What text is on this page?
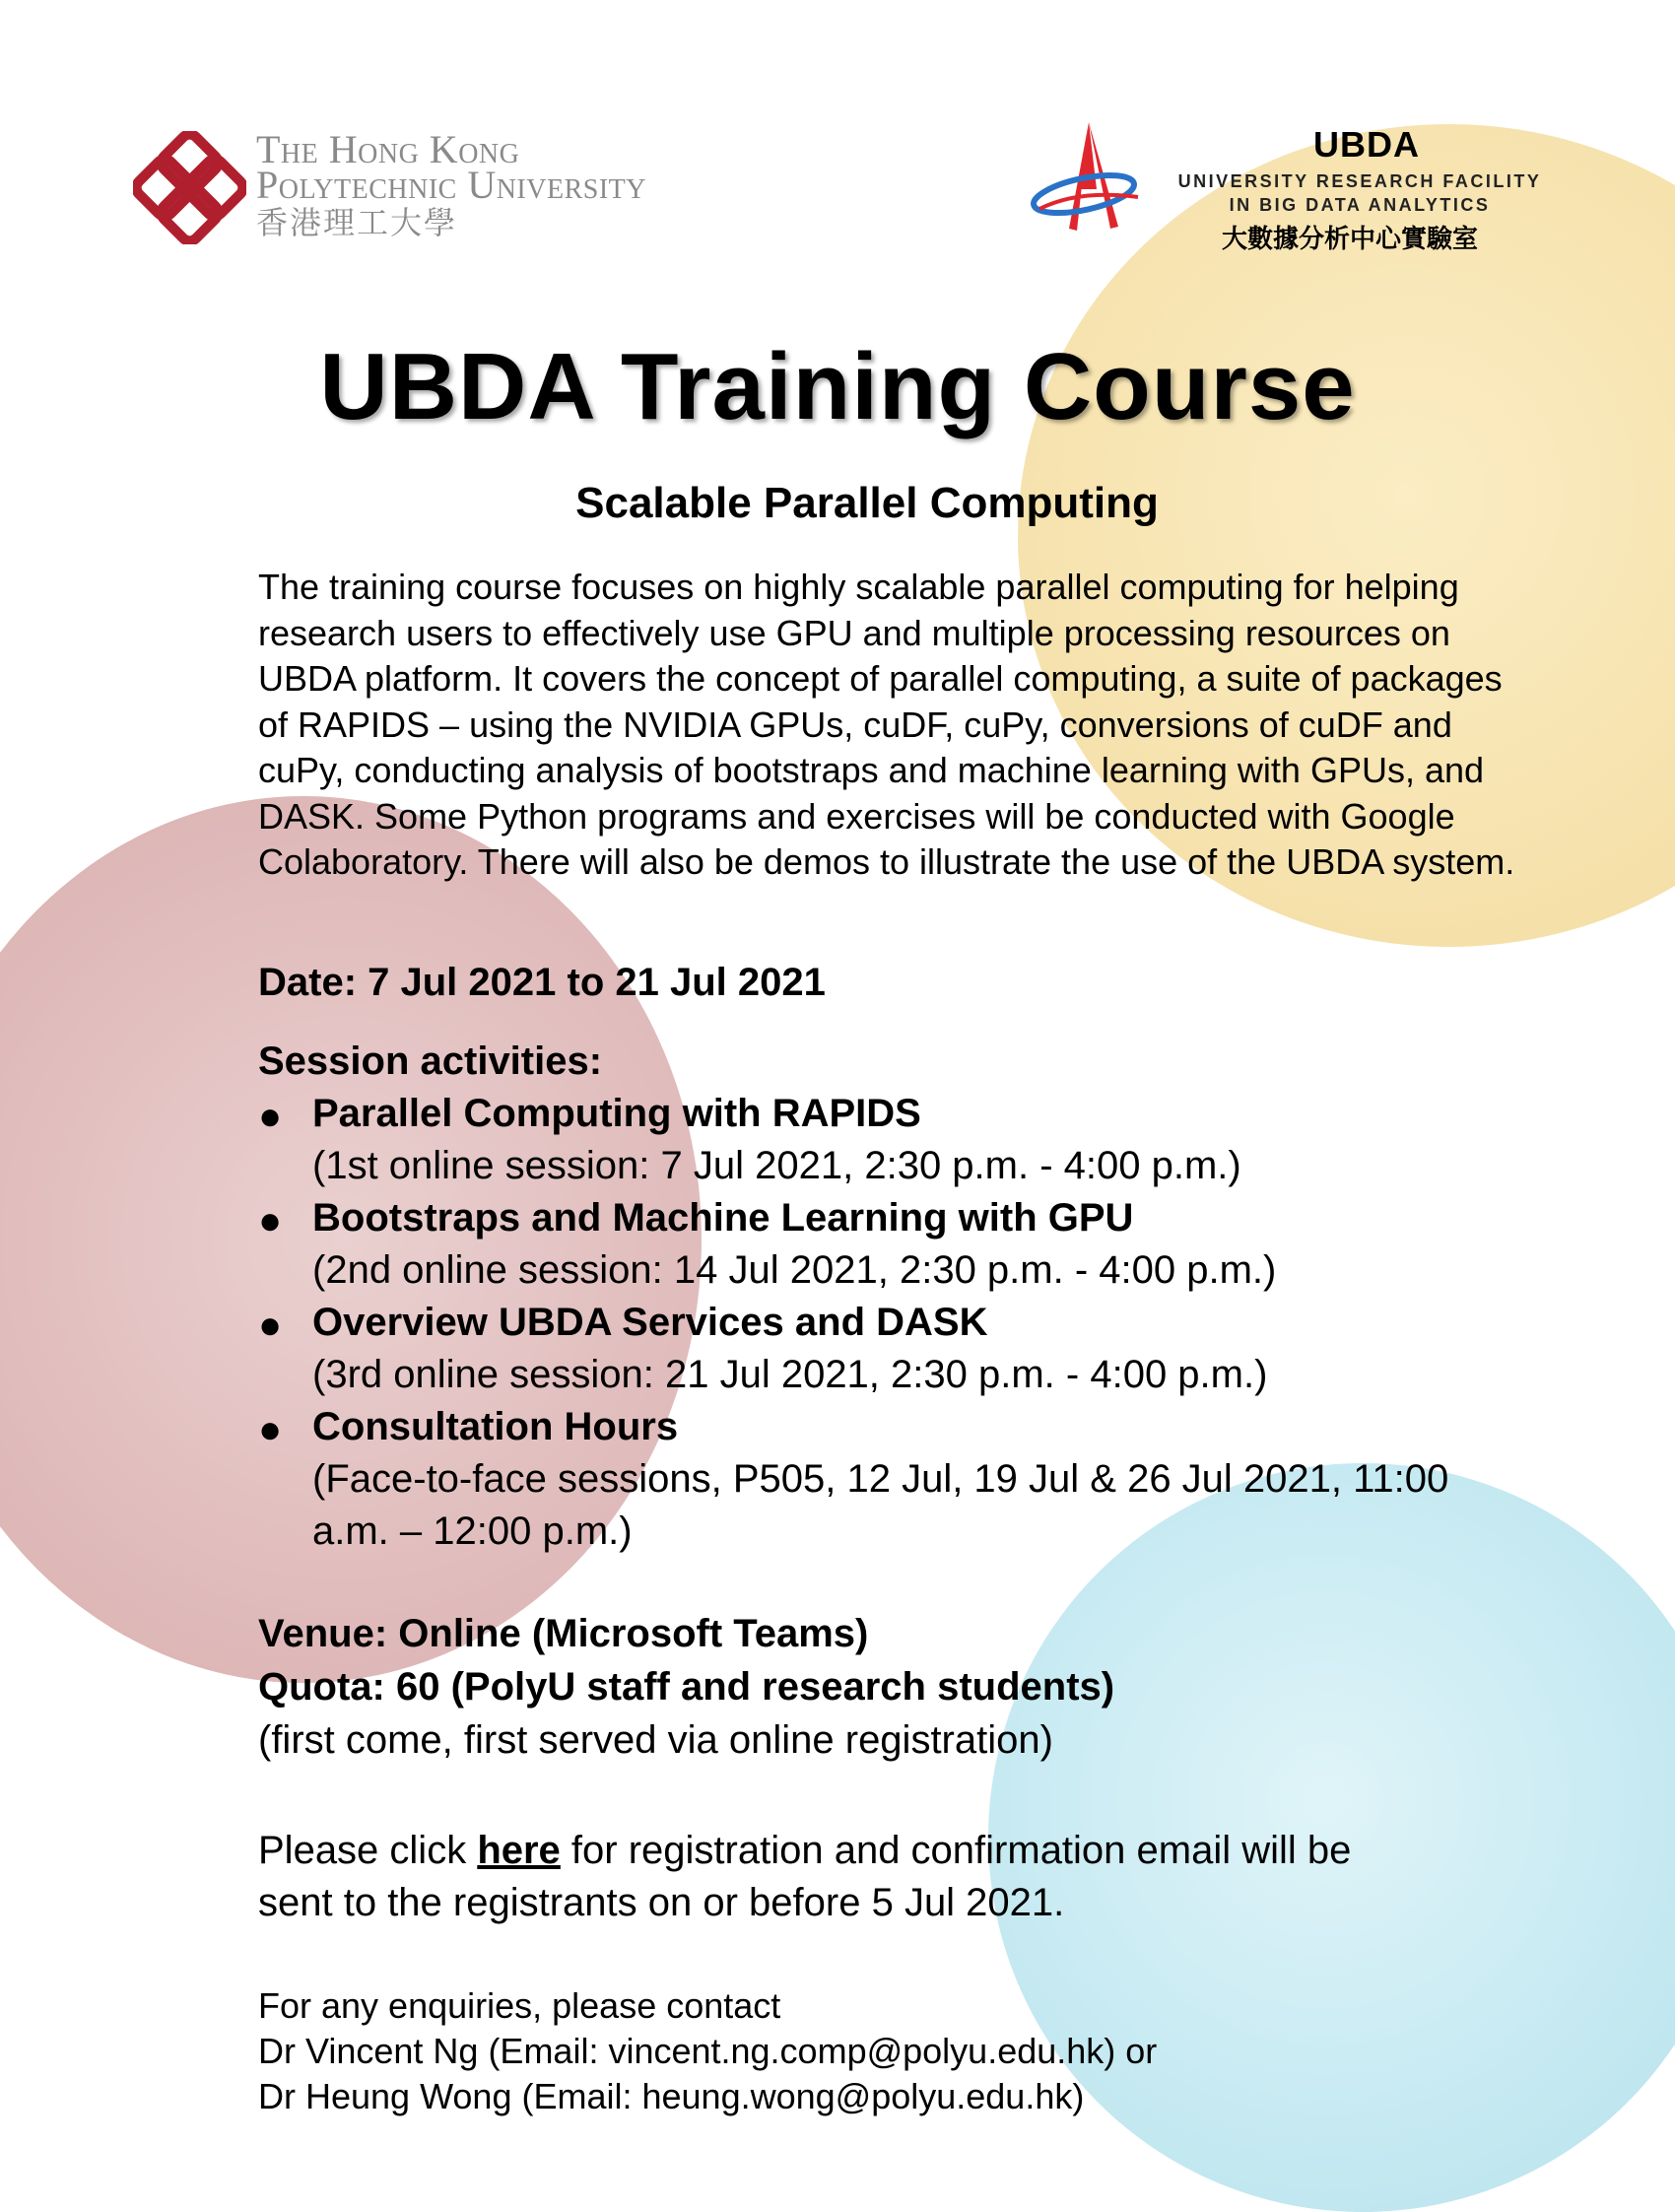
The Hong Kong
Polytechnic University
香港理工大學
UBDA
UNIVERSITY RESEARCH FACILITY
IN BIG DATA ANALYTICS
大數據分析中心實驗室
UBDA Training Course
Scalable Parallel Computing

The training course focuses on highly scalable parallel computing for helping research users to effectively use GPU and multiple processing resources on UBDA platform. It covers the concept of parallel computing, a suite of packages of RAPIDS – using the NVIDIA GPUs, cuDF, cuPy, conversions of cuDF and cuPy, conducting analysis of bootstraps and machine learning with GPUs, and DASK. Some Python programs and exercises will be conducted with Google Colaboratory. There will also be demos to illustrate the use of the UBDA system.

Date: 7 Jul 2021 to 21 Jul 2021

Session activities:

● Parallel Computing with RAPIDS
(1st online session: 7 Jul 2021, 2:30 p.m. - 4:00 p.m.)
● Bootstraps and Machine Learning with GPU
(2nd online session: 14 Jul 2021, 2:30 p.m. - 4:00 p.m.)
● Overview UBDA Services and DASK
(3rd online session: 21 Jul 2021, 2:30 p.m. - 4:00 p.m.)
● Consultation Hours
(Face-to-face sessions, P505, 12 Jul, 19 Jul & 26 Jul 2021, 11:00 a.m. – 12:00 p.m.)

Venue: Online (Microsoft Teams)

Quota: 60 (PolyU staff and research students)

(first come, first served via online registration)

Please click here for registration and confirmation email will be sent to the registrants on or before 5 Jul 2021.

For any enquiries, please contact
Dr Vincent Ng (Email: vincent.ng.comp@polyu.edu.hk) or
Dr Heung Wong (Email: heung.wong@polyu.edu.hk)
